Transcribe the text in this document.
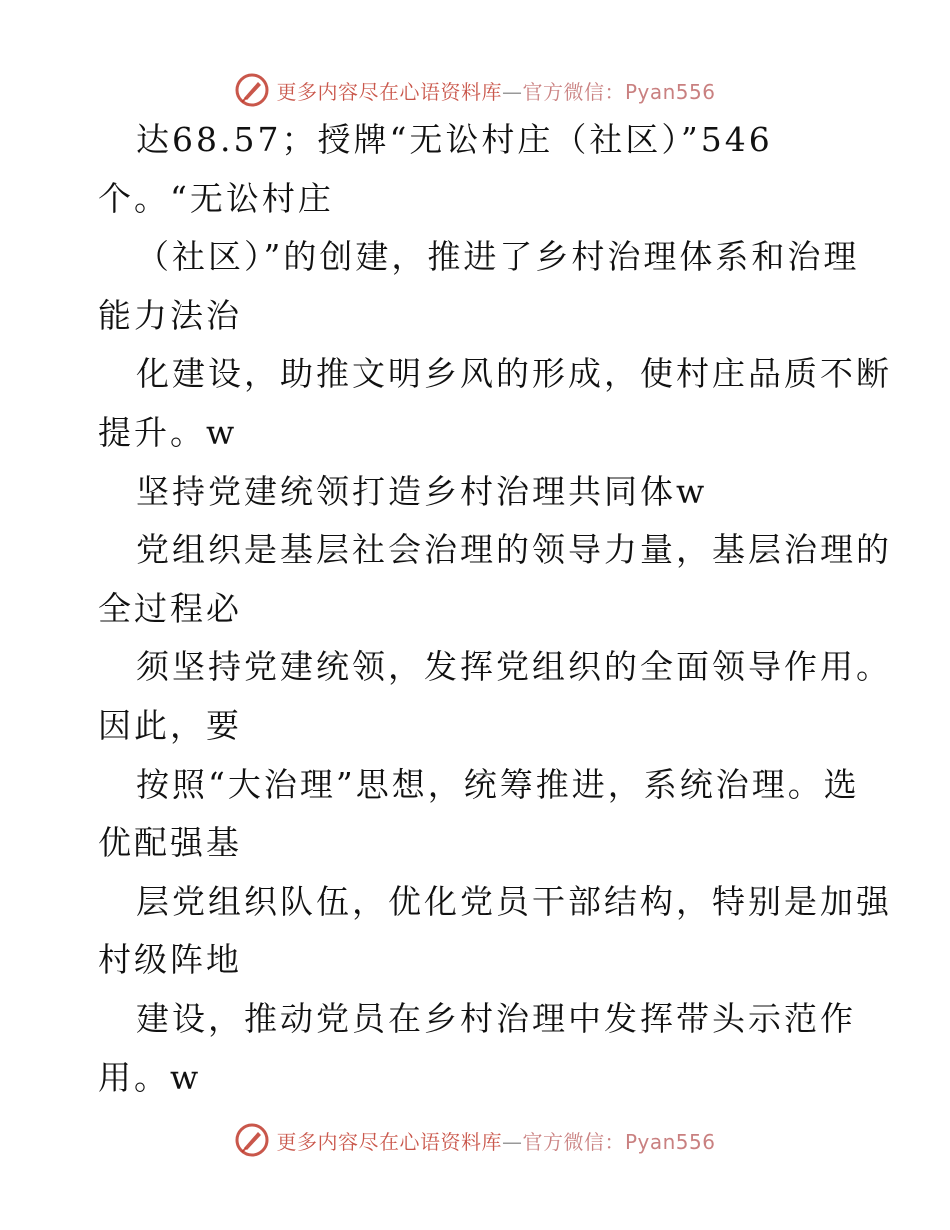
更多内容尽在心语资料库—官方微信：Pyan556
达68.57；授牌“无讼村庄（社区）”546
个。“无讼村庄
（社区）”的创建，推进了乡村治理体系和治理
能力法治
化建设，助推文明乡风的形成，使村庄品质不断
提升。w
坚持党建统领打造乡村治理共同体w
党组织是基层社会治理的领导力量，基层治理的
全过程必
须坚持党建统领，发挥党组织的全面领导作用。
因此，要
按照“大治理”思想，统筹推进，系统治理。选
优配强基
层党组织队伍，优化党员干部结构，特别是加强
村级阵地
建设，推动党员在乡村治理中发挥带头示范作
用。w
更多内容尽在心语资料库—官方微信：Pyan556
